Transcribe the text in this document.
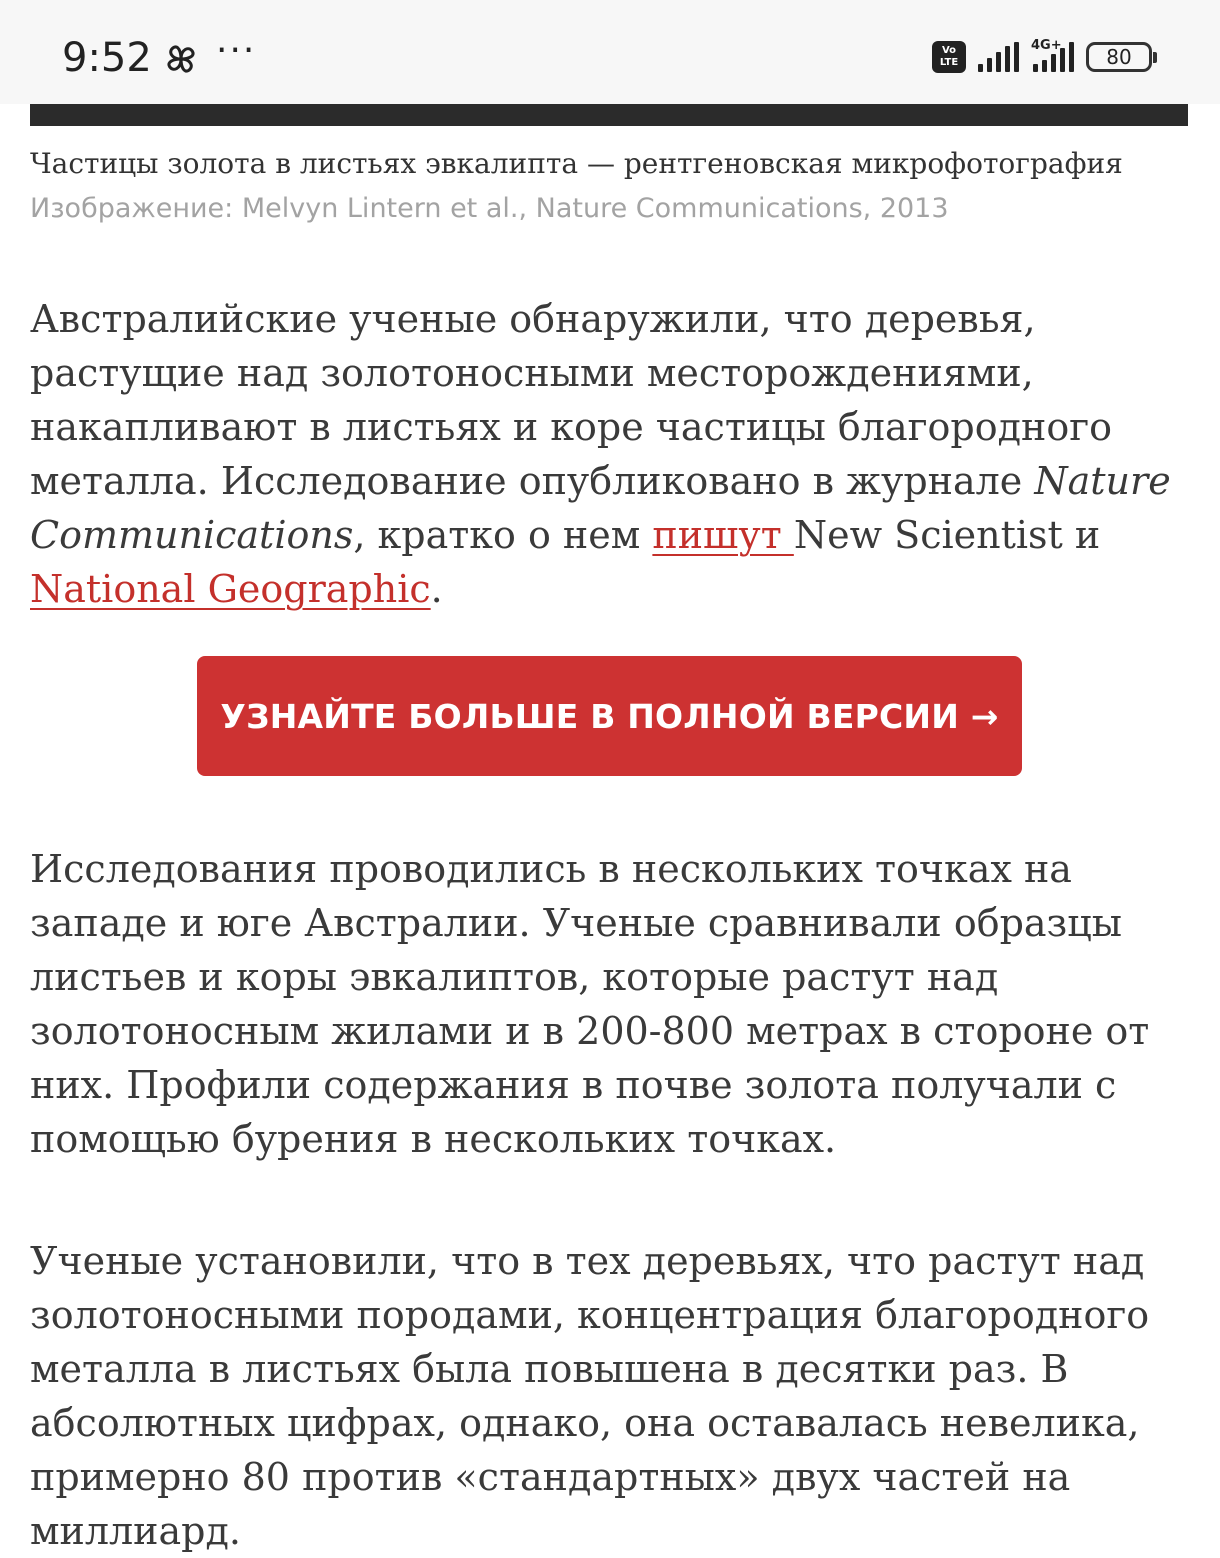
9:52 ···	Vo
LTE
4G+	80
Частицы золота в листьях эвкалипта — рентгеновская микрофотография
Изображение: Melvyn Lintern et al., Nature Communications, 2013

Австралийские ученые обнаружили, что деревья, растущие над золотоносными месторождениями, накапливают в листьях и коре частицы благородного металла. Исследование опубликовано в журнале Nature Communications, кратко о нем пишут New Scientist и National Geographic.

УЗНАЙТЕ БОЛЬШЕ В ПОЛНОЙ ВЕРСИИ →

Исследования проводились в нескольких точках на западе и юге Австралии. Ученые сравнивали образцы листьев и коры эвкалиптов, которые растут над золотоносным жилами и в 200-800 метрах в стороне от них. Профили содержания в почве золота получали с помощью бурения в нескольких точках.

Ученые установили, что в тех деревьях, что растут над золотоносными породами, концентрация благородного металла в листьях была повышена в десятки раз. В абсолютных цифрах, однако, она оставалась невелика, примерно 80 против «стандартных» двух частей на миллиард.
